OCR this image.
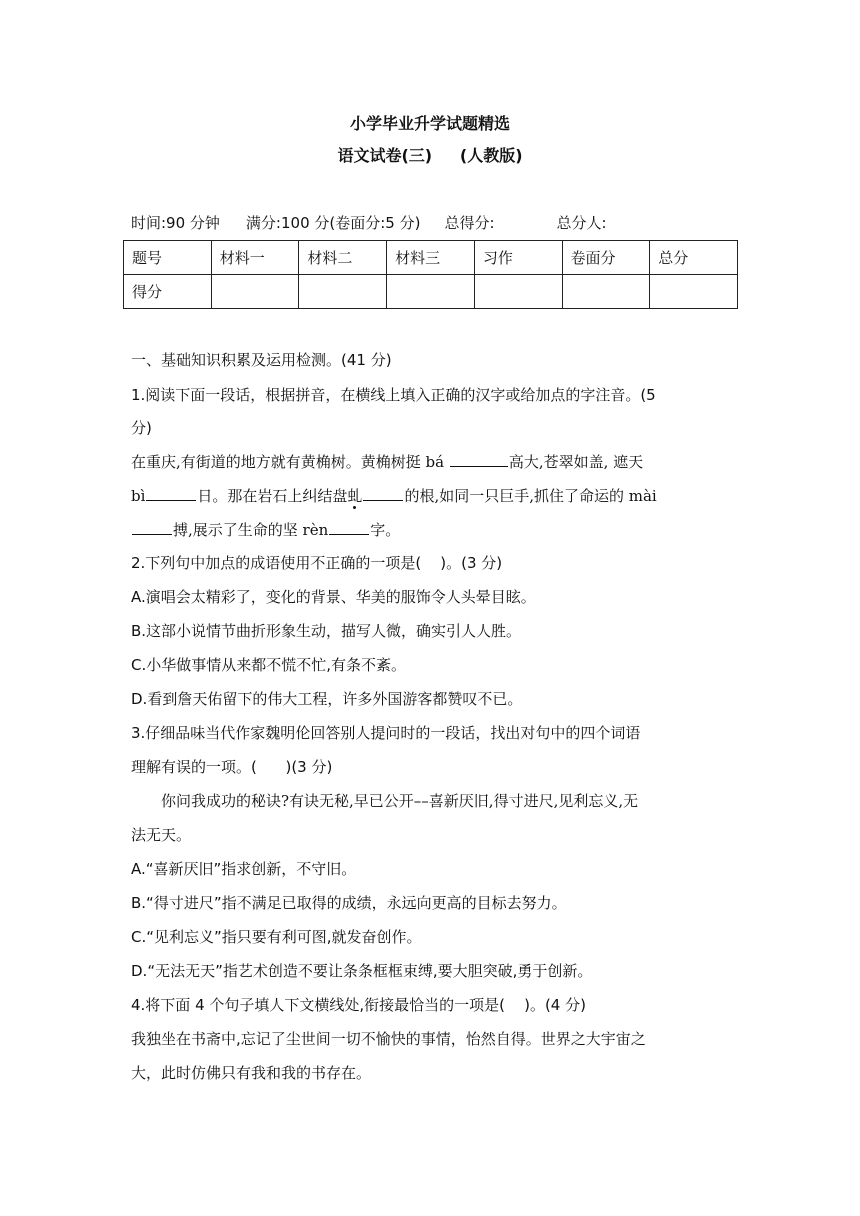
小学毕业升学试题精选
语文试卷(三)     (人教版)
时间:90 分钟 满分:100 分(卷面分:5 分) 总得分:	总分人:
题号	材料一	材料二	材料三	习作	卷面分	总分
得分						
一、基础知识积累及运用检测。(41 分)
1.阅读下面一段话，根据拼音，在横线上填入正确的汉字或给加点的字注音。(5
分)
在重庆,有街道的地方就有黄桷树。黄桷树挺 bá	高大,苍翠如盖, 遮天
bì	日。那在岩石上纠结盘虬	的根,如同一只巨手,抓住了命运的 mài
搏,展示了生命的坚 rèn	字。
2.下列句中加点的成语使用不正确的一项是(    )。(3 分)
A.演唱会太精彩了，变化的背景、华美的服饰令人头晕目眩。
B.这部小说情节曲折形象生动，描写人微，确实引人人胜。
C.小华做事情从来都不慌不忙,有条不紊。
D.看到詹天佑留下的伟大工程，许多外国游客都赞叹不已。
3.仔细品味当代作家魏明伦回答别人提问时的一段话，找出对句中的四个词语
理解有误的一项。(      )(3 分)
你问我成功的秘诀?有诀无秘,早已公开––喜新厌旧,得寸进尺,见利忘义,无
法无天。
A.“喜新厌旧”指求创新，不守旧。
B.“得寸进尺”指不满足已取得的成绩，永远向更高的目标去努力。
C.“见利忘义”指只要有利可图,就发奋创作。
D.“无法无天”指艺术创造不要让条条框框束缚,要大胆突破,勇于创新。
4.将下面 4 个句子填人下文横线处,衔接最恰当的一项是(    )。(4 分)
我独坐在书斋中,忘记了尘世间一切不愉快的事情，怡然自得。世界之大宇宙之
大，此时仿佛只有我和我的书存在。
